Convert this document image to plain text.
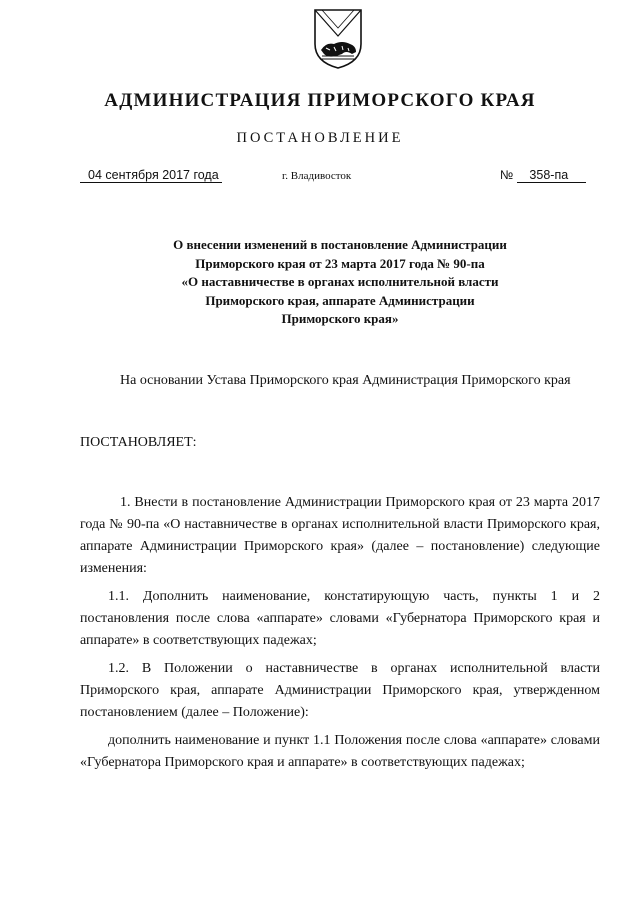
АДМИНИСТРАЦИЯ ПРИМОРСКОГО КРАЯ
ПОСТАНОВЛЕНИЕ
04 сентября 2017 года	г. Владивосток	№ 358-па
О внесении изменений в постановление Администрации
Приморского края от 23 марта 2017 года № 90-па
«О наставничестве в органах исполнительной власти
Приморского края, аппарате Администрации
Приморского края»

На основании Устава Приморского края Администрация Приморского края

ПОСТАНОВЛЯЕТ:

1. Внести в постановление Администрации Приморского края от 23 марта 2017 года № 90-па «О наставничестве в органах исполнительной власти Приморского края, аппарате Администрации Приморского края» (далее – постановление) следующие изменения:

1.1. Дополнить наименование, констатирующую часть, пункты 1 и 2 постановления после слова «аппарате» словами «Губернатора Приморского края и аппарате» в соответствующих падежах;

1.2. В Положении о наставничестве в органах исполнительной власти Приморского края, аппарате Администрации Приморского края, утвержденном постановлением (далее – Положение):

дополнить наименование и пункт 1.1 Положения после слова «аппарате» словами «Губернатора Приморского края и аппарате» в соответствующих падежах;
